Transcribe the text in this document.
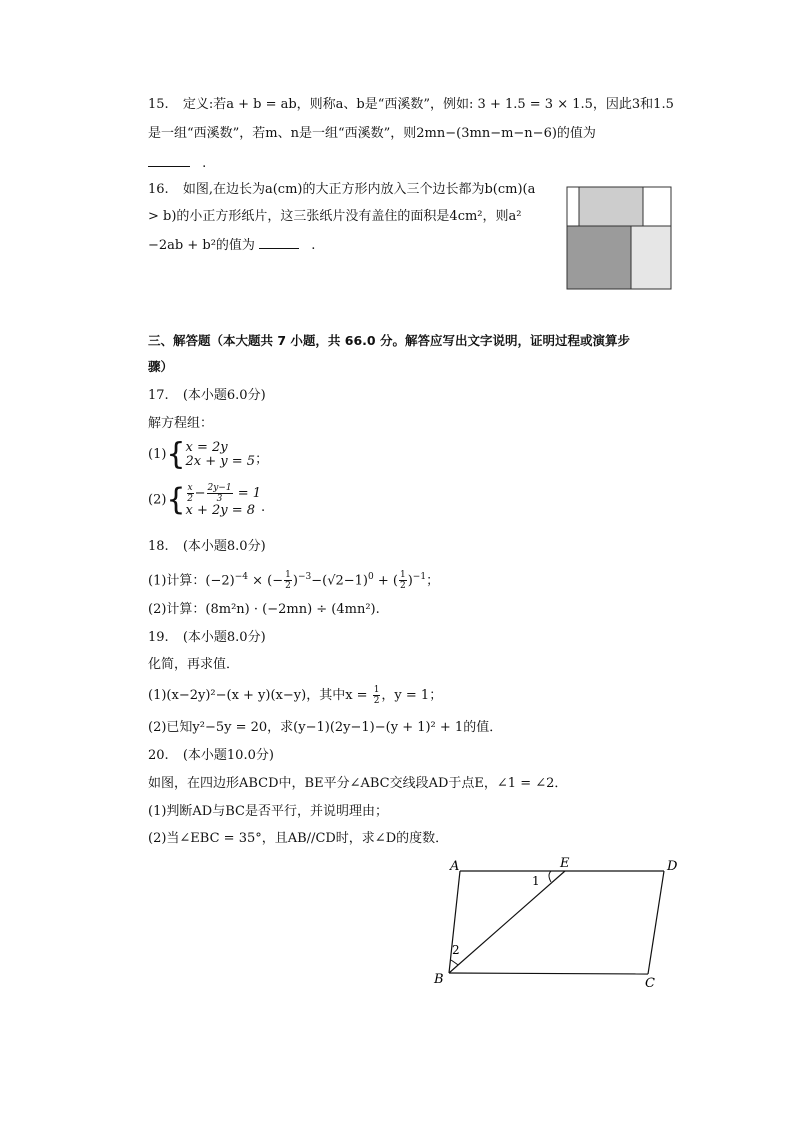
15. 定义:若a + b = ab，则称a、b是“西溪数”，例如: 3 + 1.5 = 3 × 1.5，因此3和1.5
是一组“西溪数”，若m、n是一组“西溪数”，则2mn−(3mn−m−n−6)的值为
.
16. 如图,在边长为a(cm)的大正方形内放入三个边长都为b(cm)(a
> b)的小正方形纸片，这三张纸片没有盖住的面积是4cm²，则a²
−2ab + b²的值为	.
三、解答题（本大题共 7 小题，共 66.0 分。解答应写出文字说明，证明过程或演算步
骤）
17. (本小题6.0分)
解方程组：
(1){ x = 2y
2x + y = 5 ；
$(2)\{ \frac{x}{2} - \frac{2y-1}{3} = 1$
x + 2y = 8 .
18. (本小题8.0分)
(1)计算：$(-2)^{-4}$ × (− $\frac{1}{2} )^{-3}-(√2-1)^0$ + ( $\frac{1}{2} )^{-1}$；
(2)计算：(8m²n) · (−2mn) ÷ (4mn²).
19. (本小题8.0分)
化简，再求值．
(1)(x−2y)²−(x + y)(x−y)，其中$x = \frac{1}{2}$ ，y = 1；
(2)已知y²−5y = 20，求(y−1)(2y−1)−(y + 1)² + 1的值．
20. (本小题10.0分)
如图，在四边形ABCD中，BE平分∠ABC交线段AD于点E，∠1 = ∠2．
(1)判断AD与BC是否平行，并说明理由；
(2)当∠EBC = 35°，且AB//CD时，求∠D的度数．
A	E	D
B	C
1
2
